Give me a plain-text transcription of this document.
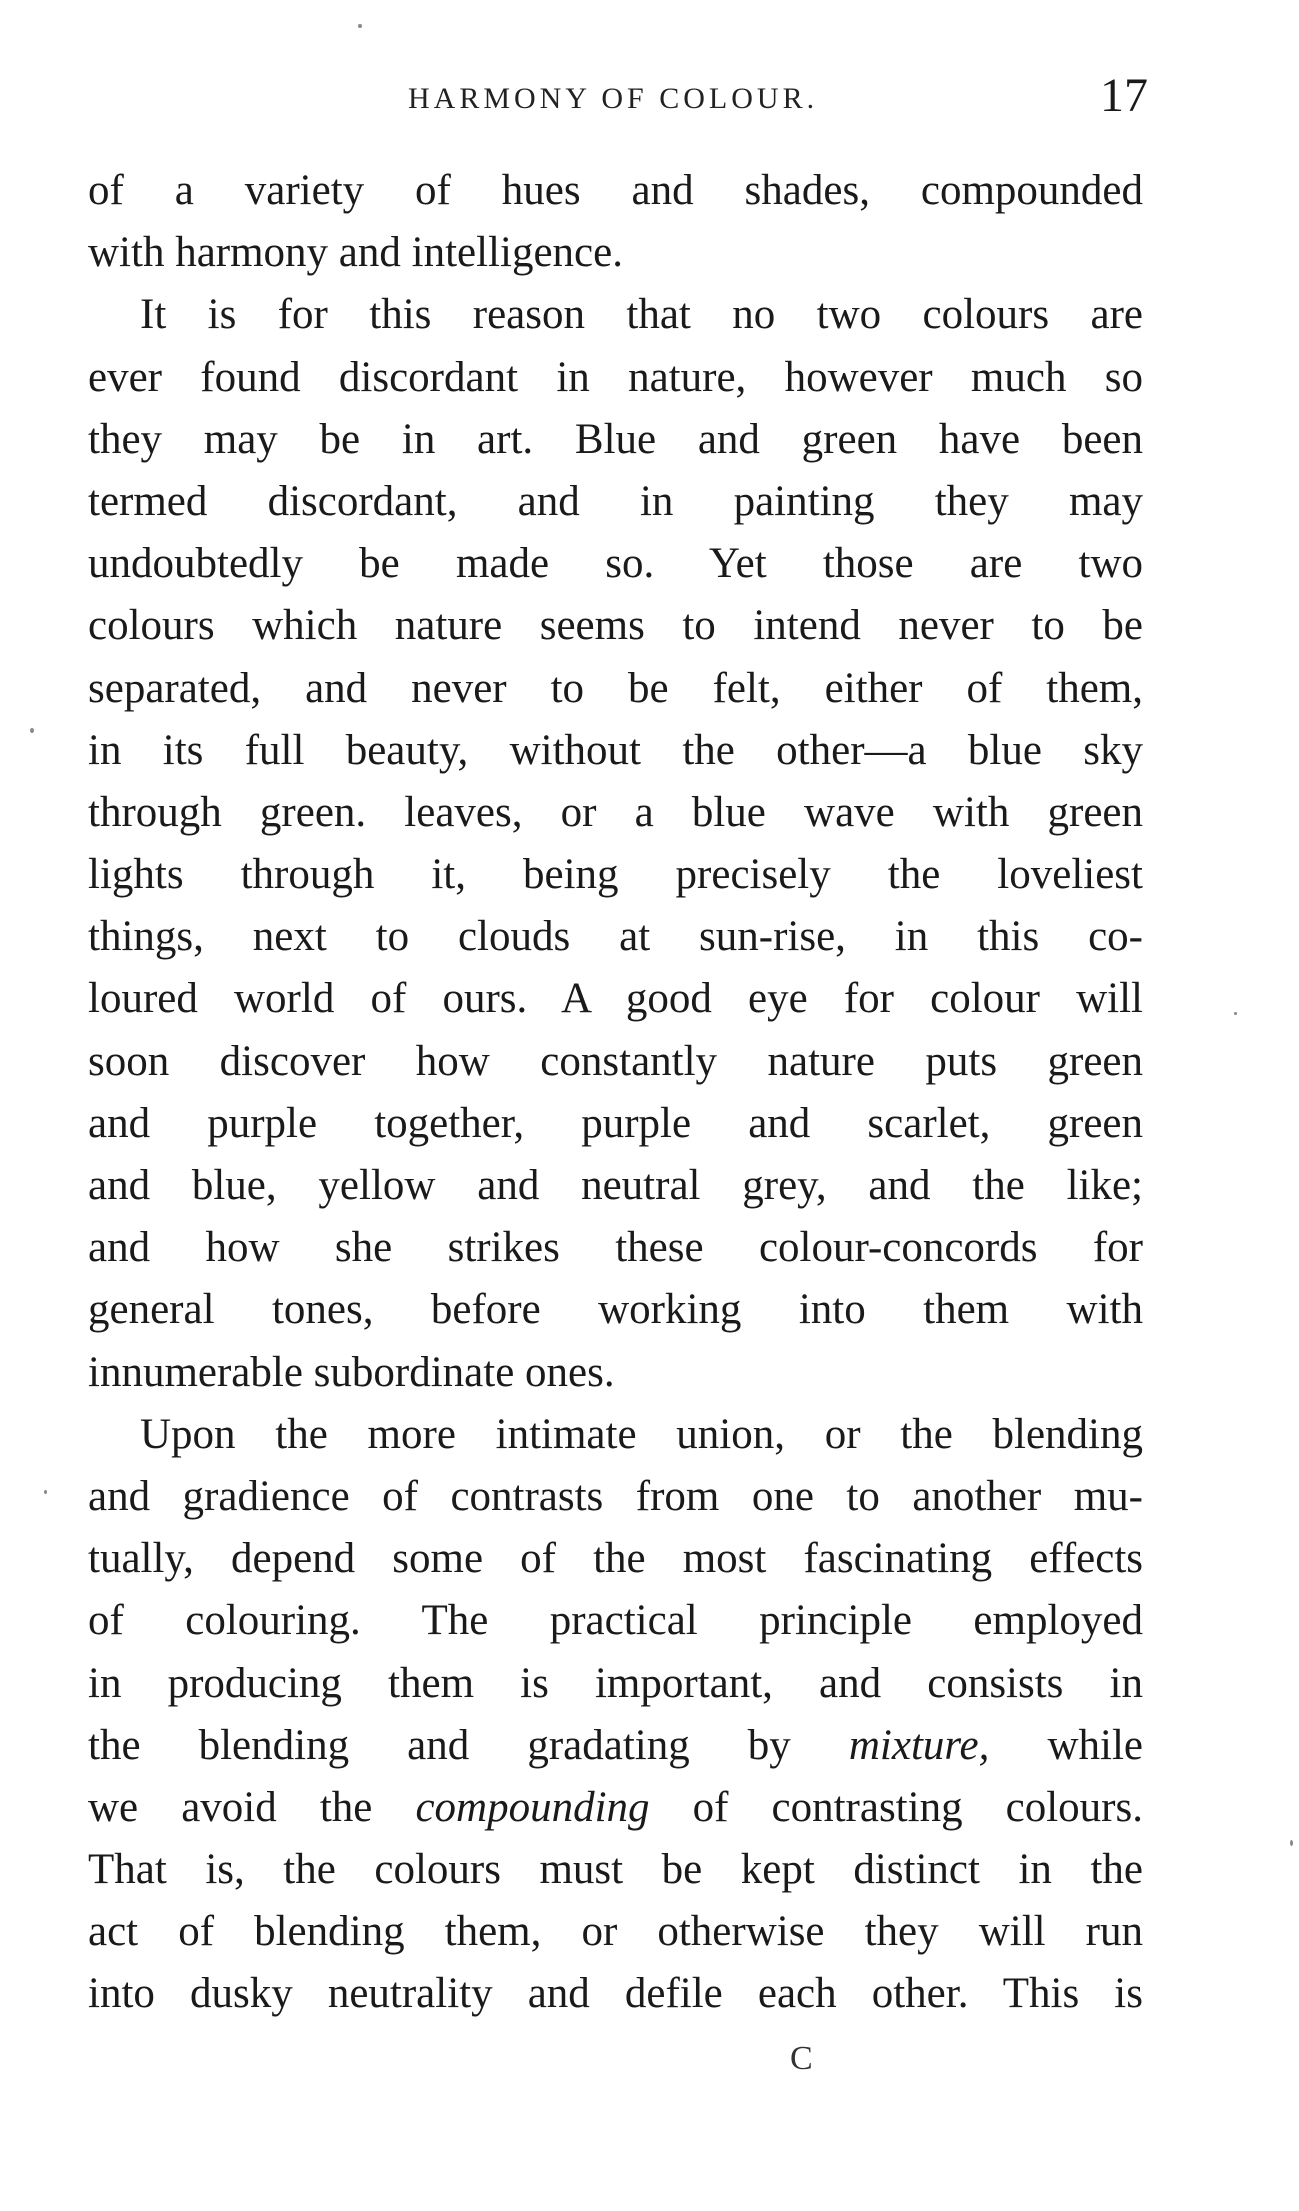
HARMONY OF COLOUR.	17
of a variety of hues and shades, compounded
with harmony and intelligence.
It is for this reason that no two colours are
ever found discordant in nature, however much so
they may be in art. Blue and green have been
termed discordant, and in painting they may
undoubtedly be made so. Yet those are two
colours which nature seems to intend never to be
separated, and never to be felt, either of them,
in its full beauty, without the other—a blue sky
through green. leaves, or a blue wave with green
lights through it, being precisely the loveliest
things, next to clouds at sun-rise, in this co-
loured world of ours. A good eye for colour will
soon discover how constantly nature puts green
and purple together, purple and scarlet, green
and blue, yellow and neutral grey, and the like;
and how she strikes these colour-concords for
general tones, before working into them with
innumerable subordinate ones.
Upon the more intimate union, or the blending
and gradience of contrasts from one to another mu-
tually, depend some of the most fascinating effects
of colouring. The practical principle employed
in producing them is important, and consists in
the blending and gradating by mixture, while
we avoid the compounding of contrasting colours.
That is, the colours must be kept distinct in the
act of blending them, or otherwise they will run
into dusky neutrality and defile each other. This is
C
